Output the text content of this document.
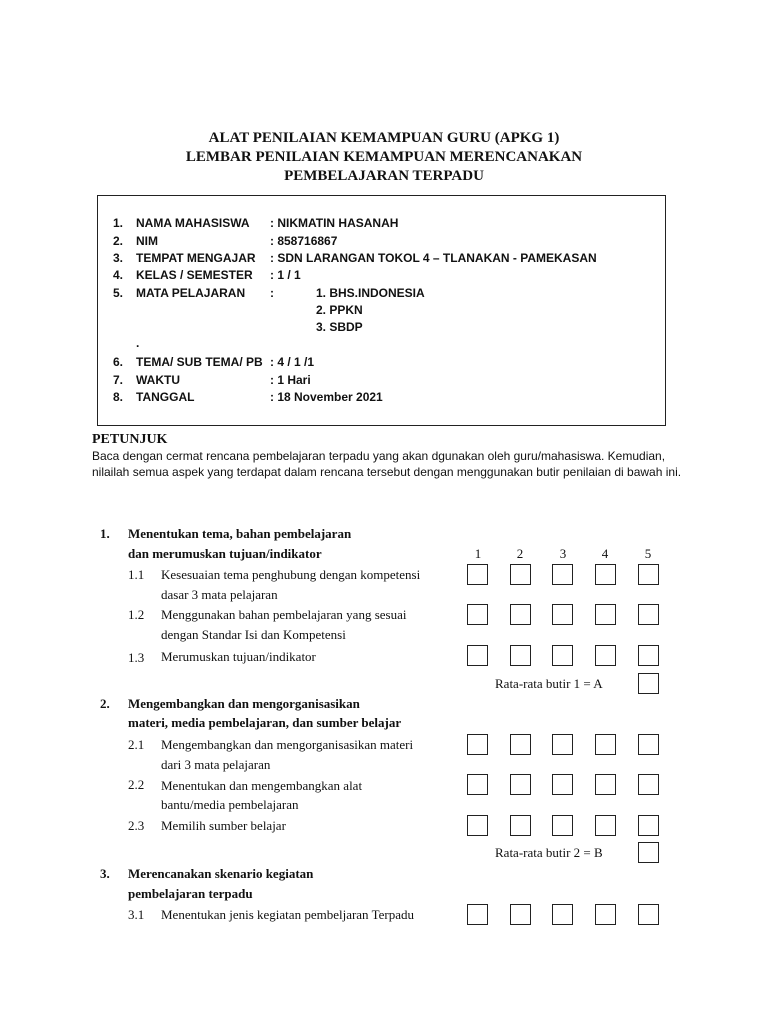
ALAT PENILAIAN KEMAMPUAN GURU (APKG 1)
LEMBAR PENILAIAN KEMAMPUAN MERENCANAKAN
PEMBELAJARAN TERPADU
1. NAMA MAHASISWA : NIKMATIN HASANAH
2. NIM	: 858716867
3. TEMPAT MENGAJAR : SDN LARANGAN TOKOL 4 – TLANAKAN - PAMEKASAN
4. KELAS / SEMESTER : 1 / 1
5. MATA PELAJARAN :	1. BHS.INDONESIA
2. PPKN
3. SBDP
.
6. TEMA/ SUB TEMA/ PB : 4 / 1 /1
7. WAKTU	: 1 Hari
8. TANGGAL	: 18 November 2021
PETUNJUK
Baca dengan cermat rencana pembelajaran terpadu yang akan dgunakan oleh guru/mahasiswa. Kemudian, nilailah semua aspek yang terdapat dalam rencana tersebut dengan menggunakan butir penilaian di bawah ini.
1. Menentukan tema, bahan pembelajaran
dan merumuskan tujuan/indikator	1	2	3	4	5
1.1 Kesesuaian tema penghubung dengan kompetensi
dasar 3 mata pelajaran
1.2 Menggunakan bahan pembelajaran yang sesuai
dengan Standar Isi dan Kompetensi
1.3 Merumuskan tujuan/indikator
Rata-rata butir 1 = A
2. Mengembangkan dan mengorganisasikan
materi, media pembelajaran, dan sumber belajar
2.1 Mengembangkan dan mengorganisasikan materi
dari 3 mata pelajaran
2.2 Menentukan dan mengembangkan alat
bantu/media pembelajaran
2.3 Memilih sumber belajar
Rata-rata butir 2 = B
3. Merencanakan skenario kegiatan
pembelajaran terpadu
3.1 Menentukan jenis kegiatan pembeljaran Terpadu
